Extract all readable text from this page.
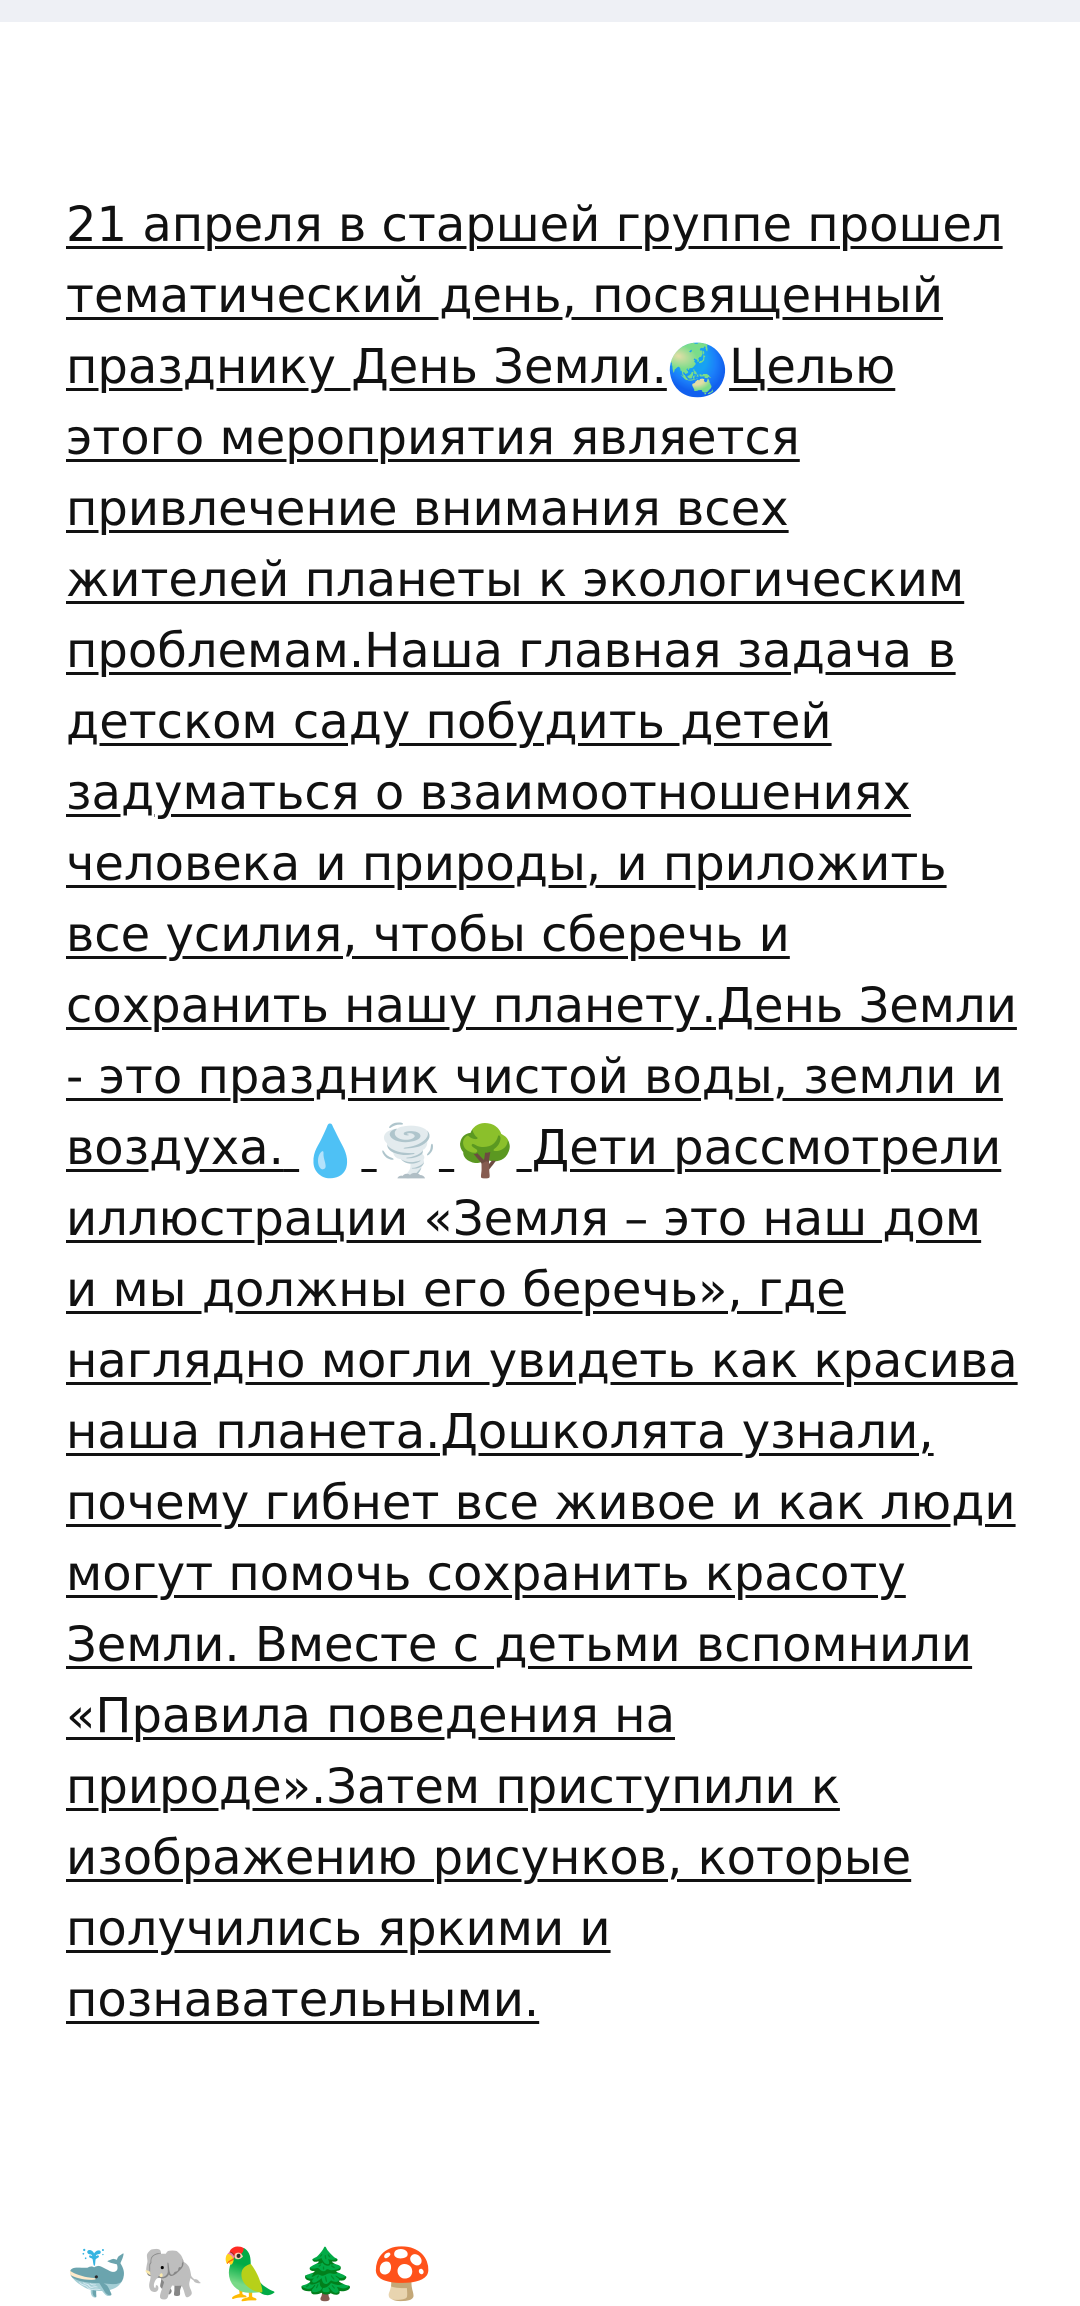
21 апреля в старшей группе прошел тематический день, посвященный празднику День Земли.🌏Целью этого мероприятия является привлечение внимания всех жителей планеты к экологическим проблемам.Наша главная задача в детском саду побудить детей задуматься о взаимоотношениях человека и природы, и приложить все усилия, чтобы сберечь и сохранить нашу планету.День Земли - это праздник чистой воды, земли и воздуха. 💧 🌪️ 🌳 Дети рассмотрели иллюстрации «Земля – это наш дом и мы должны его беречь», где наглядно могли увидеть как красива наша планета.Дошколята узнали, почему гибнет все живое и как люди могут помочь сохранить красоту Земли. Вместе с детьми вспомнили «Правила поведения на природе».Затем приступили к изображению рисунков, которые получились яркими и познавательными.

🐳 🐘 🦜 🌲 🍄
